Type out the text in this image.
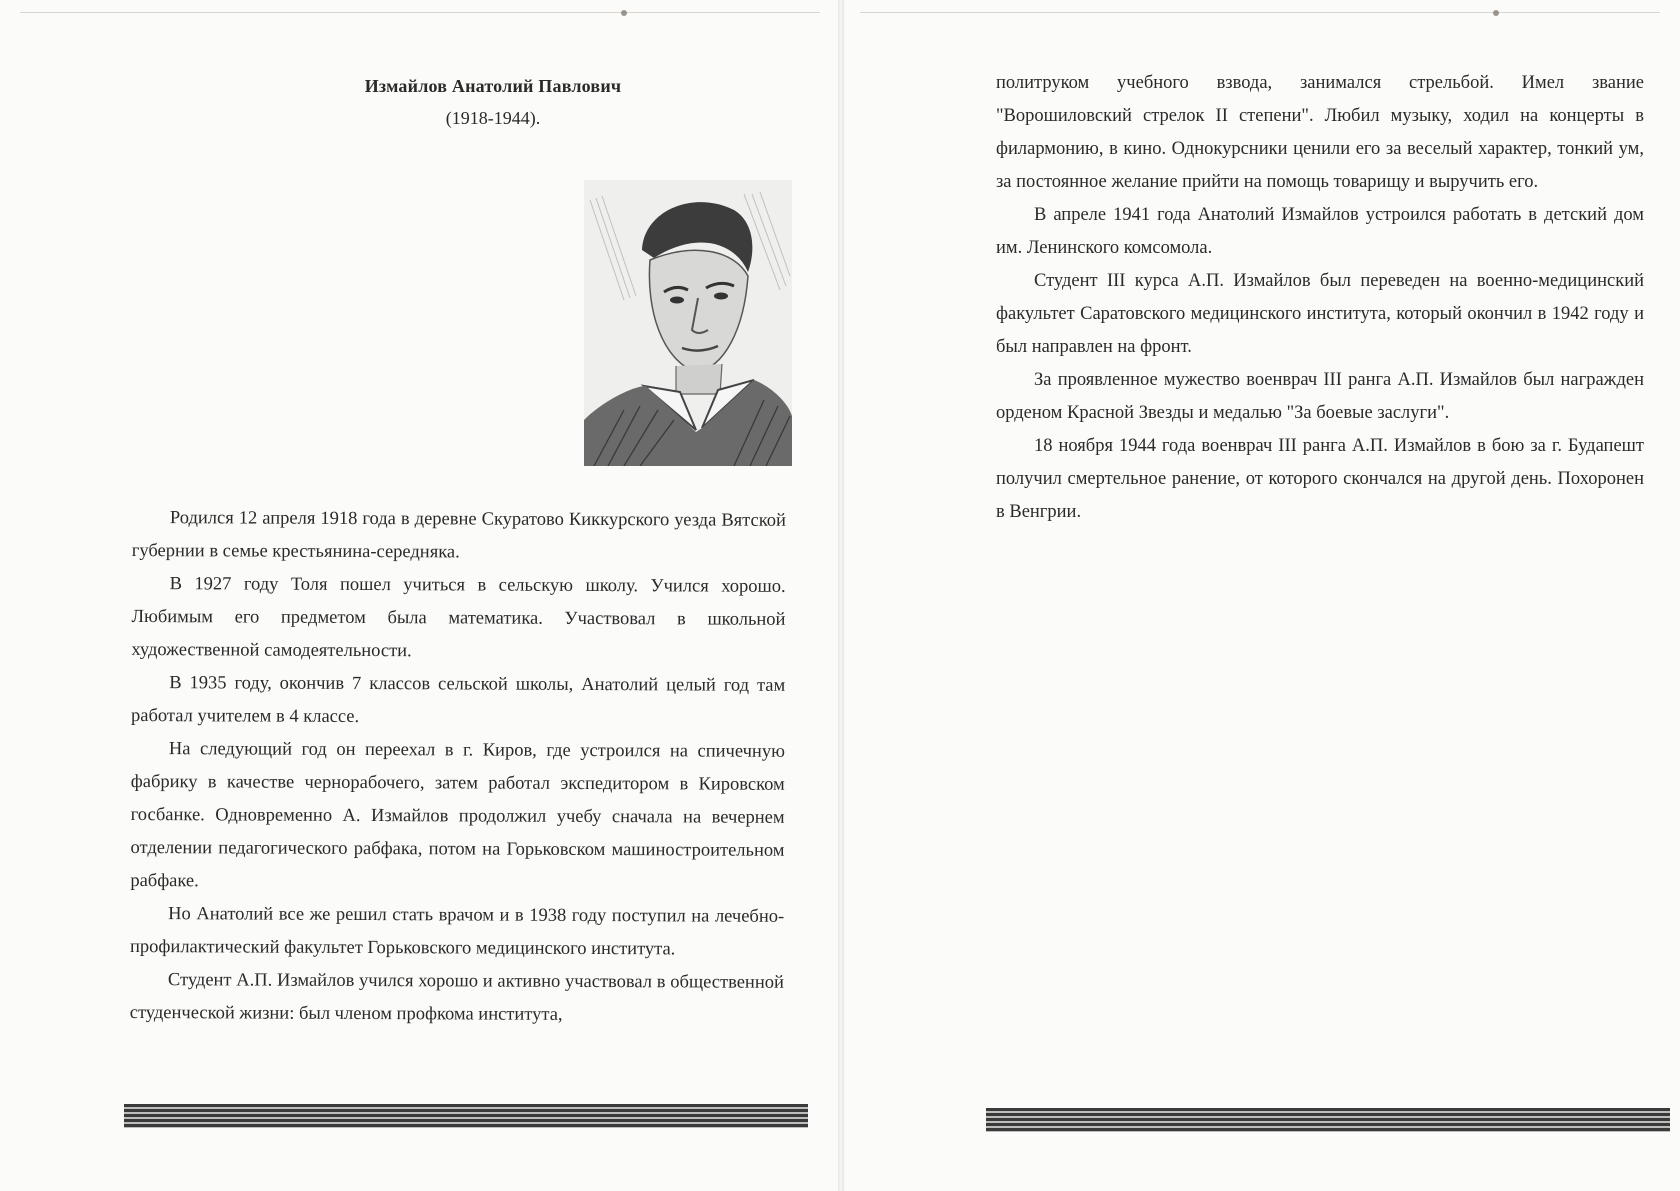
Измайлов Анатолий Павлович
(1918-1944).

Родился 12 апреля 1918 года в деревне Скуратово Киккурского уезда Вятской губернии в семье крестьянина-середняка.

В 1927 году Толя пошел учиться в сельскую школу. Учился хорошо. Любимым его предметом была математика. Участвовал в школьной художественной самодеятельности.

В 1935 году, окончив 7 классов сельской школы, Анатолий целый год там работал учителем в 4 классе.

На следующий год он переехал в г. Киров, где устроился на спичечную фабрику в качестве чернорабочего, затем работал экспедитором в Кировском госбанке. Одновременно А. Измайлов продолжил учебу сначала на вечернем отделении педагогического рабфака, потом на Горьковском машиностроительном рабфаке.

Но Анатолий все же решил стать врачом и в 1938 году поступил на лечебно-профилактический факультет Горьковского медицинского института.

Студент А.П. Измайлов учился хорошо и активно участвовал в общественной студенческой жизни: был членом профкома института,

политруком учебного взвода, занимался стрельбой. Имел звание "Ворошиловский стрелок II степени". Любил музыку, ходил на концерты в филармонию, в кино. Однокурсники ценили его за веселый характер, тонкий ум, за постоянное желание прийти на помощь товарищу и выручить его.

В апреле 1941 года Анатолий Измайлов устроился работать в детский дом им. Ленинского комсомола.

Студент III курса А.П. Измайлов был переведен на военно-медицинский факультет Саратовского медицинского института, который окончил в 1942 году и был направлен на фронт.

За проявленное мужество военврач III ранга А.П. Измайлов был награжден орденом Красной Звезды и медалью "За боевые заслуги".

18 ноября 1944 года военврач III ранга А.П. Измайлов в бою за г. Будапешт получил смертельное ранение, от которого скончался на другой день. Похоронен в Венгрии.
